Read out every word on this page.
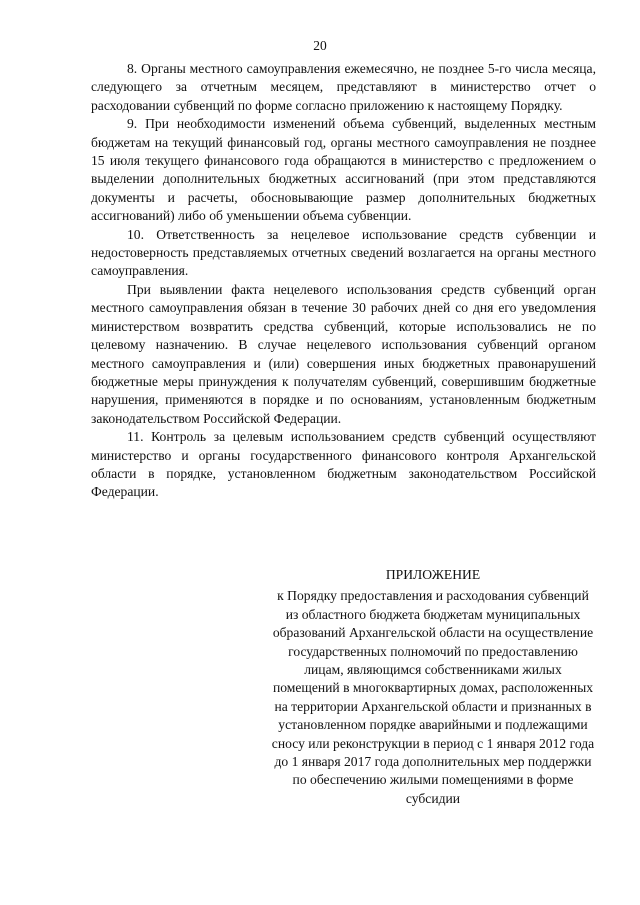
20

8. Органы местного самоуправления ежемесячно, не позднее 5-го числа месяца, следующего за отчетным месяцем, представляют в министерство отчет о расходовании субвенций по форме согласно приложению к настоящему Порядку.

9. При необходимости изменений объема субвенций, выделенных местным бюджетам на текущий финансовый год, органы местного самоуправления не позднее 15 июля текущего финансового года обращаются в министерство с предложением о выделении дополнительных бюджетных ассигнований (при этом представляются документы и расчеты, обосновывающие размер дополнительных бюджетных ассигнований) либо об уменьшении объема субвенции.

10. Ответственность за нецелевое использование средств субвенции и недостоверность представляемых отчетных сведений возлагается на органы местного самоуправления.

При выявлении факта нецелевого использования средств субвенций орган местного самоуправления обязан в течение 30 рабочих дней со дня его уведомления министерством возвратить средства субвенций, которые использовались не по целевому назначению. В случае нецелевого использования субвенций органом местного самоуправления и (или) совершения иных бюджетных правонарушений бюджетные меры принуждения к получателям субвенций, совершившим бюджетные нарушения, применяются в порядке и по основаниям, установленным бюджетным законодательством Российской Федерации.

11. Контроль за целевым использованием средств субвенций осуществляют министерство и органы государственного финансового контроля Архангельской области в порядке, установленном бюджетным законодательством Российской Федерации.

ПРИЛОЖЕНИЕ
к Порядку предоставления и расходования субвенций из областного бюджета бюджетам муниципальных образований Архангельской области на осуществление государственных полномочий по предоставлению лицам, являющимся собственниками жилых помещений в многоквартирных домах, расположенных на территории Архангельской области и признанных в установленном порядке аварийными и подлежащими сносу или реконструкции в период с 1 января 2012 года до 1 января 2017 года дополнительных мер поддержки по обеспечению жилыми помещениями в форме субсидии
